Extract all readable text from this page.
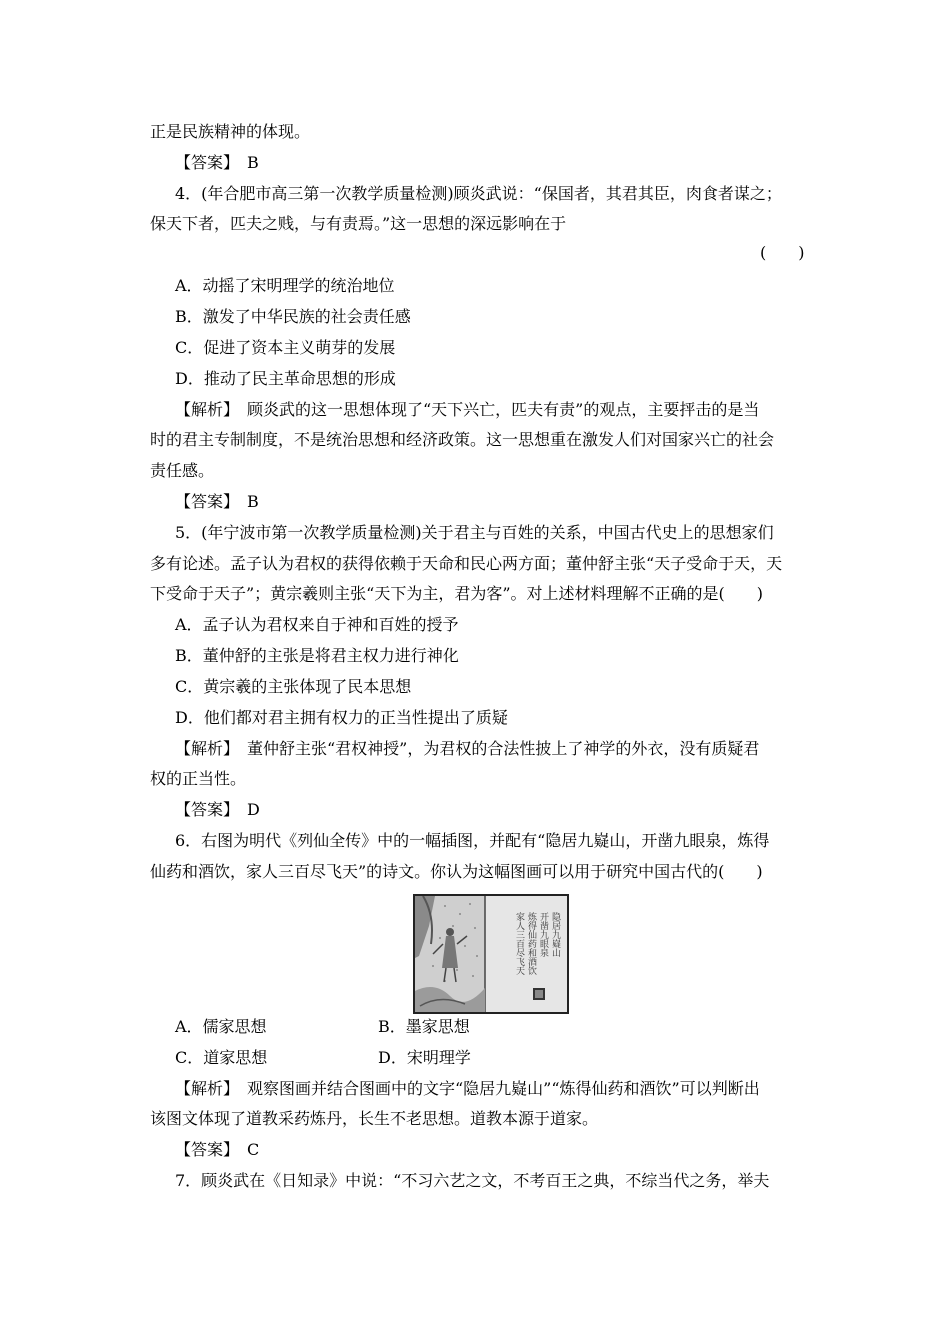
正是民族精神的体现。
【答案】　B
4．(年合肥市高三第一次教学质量检测)顾炎武说：“保国者，其君其臣，肉食者谋之；
保天下者，匹夫之贱，与有责焉。”这一思想的深远影响在于
(　　)
A．动摇了宋明理学的统治地位
B．激发了中华民族的社会责任感
C．促进了资本主义萌芽的发展
D．推动了民主革命思想的形成
【解析】　顾炎武的这一思想体现了“天下兴亡，匹夫有责”的观点，主要抨击的是当
时的君主专制制度，不是统治思想和经济政策。这一思想重在激发人们对国家兴亡的社会
责任感。
【答案】　B
5．(年宁波市第一次教学质量检测)关于君主与百姓的关系，中国古代史上的思想家们
多有论述。孟子认为君权的获得依赖于天命和民心两方面；董仲舒主张“天子受命于天，天
下受命于天子”；黄宗羲则主张“天下为主，君为客”。对上述材料理解不正确的是(　　)
A．孟子认为君权来自于神和百姓的授予
B．董仲舒的主张是将君主权力进行神化
C．黄宗羲的主张体现了民本思想
D．他们都对君主拥有权力的正当性提出了质疑
【解析】　董仲舒主张“君权神授”，为君权的合法性披上了神学的外衣，没有质疑君
权的正当性。
【答案】　D
6．右图为明代《列仙全传》中的一幅插图，并配有“隐居九嶷山，开凿九眼泉，炼得
仙药和酒饮，家人三百尽飞天”的诗文。你认为这幅图画可以用于研究中国古代的(　　)
隐居九嶷山
开凿九眼泉
炼得仙药和酒饮
家人三百尽飞天
A．儒家思想	B．墨家思想
C．道家思想	D．宋明理学
【解析】　观察图画并结合图画中的文字“隐居九嶷山”“炼得仙药和酒饮”可以判断出
该图文体现了道教采药炼丹，长生不老思想。道教本源于道家。
【答案】　C
7．顾炎武在《日知录》中说：“不习六艺之文，不考百王之典，不综当代之务，举夫
